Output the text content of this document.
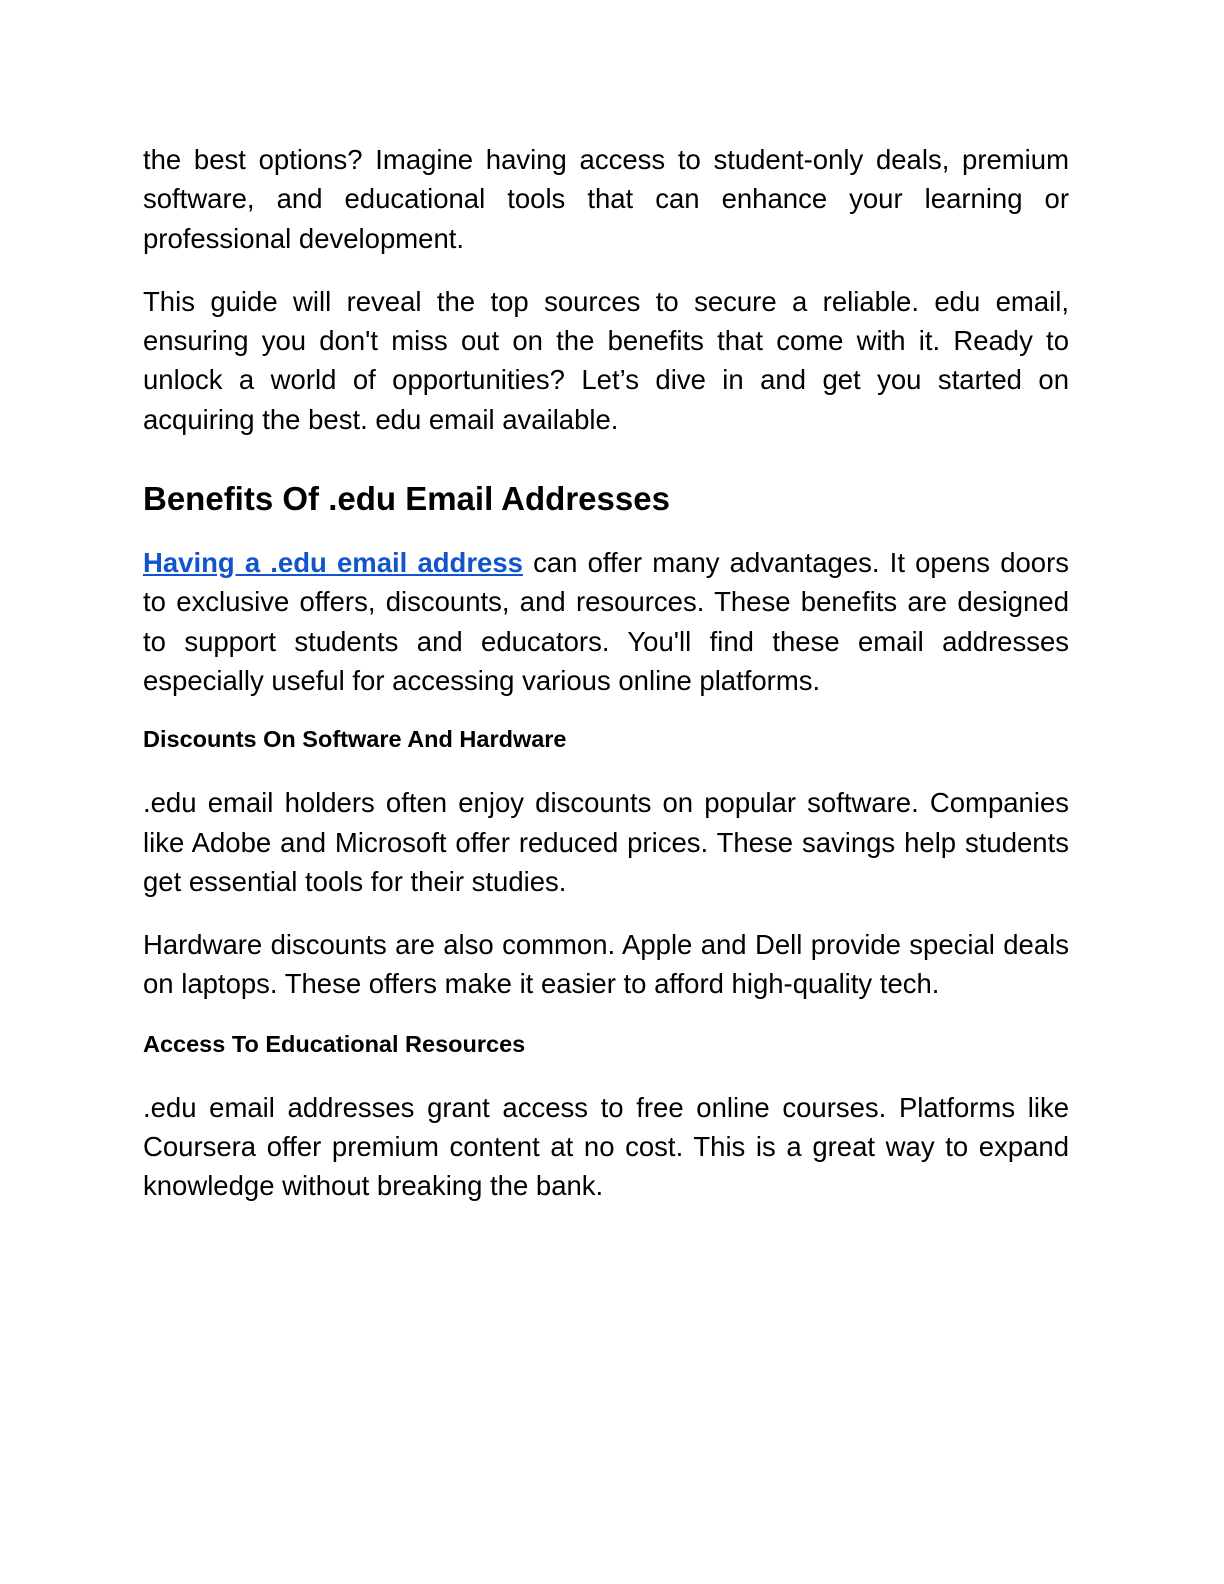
the best options? Imagine having access to student-only deals, premium software, and educational tools that can enhance your learning or professional development.

This guide will reveal the top sources to secure a reliable. edu email, ensuring you don't miss out on the benefits that come with it. Ready to unlock a world of opportunities? Let’s dive in and get you started on acquiring the best. edu email available.

Benefits Of .edu Email Addresses

Having a .edu email address can offer many advantages. It opens doors to exclusive offers, discounts, and resources. These benefits are designed to support students and educators. You'll find these email addresses especially useful for accessing various online platforms.

Discounts On Software And Hardware

.edu email holders often enjoy discounts on popular software. Companies like Adobe and Microsoft offer reduced prices. These savings help students get essential tools for their studies.

Hardware discounts are also common. Apple and Dell provide special deals on laptops. These offers make it easier to afford high-quality tech.

Access To Educational Resources

.edu email addresses grant access to free online courses. Platforms like Coursera offer premium content at no cost. This is a great way to expand knowledge without breaking the bank.
